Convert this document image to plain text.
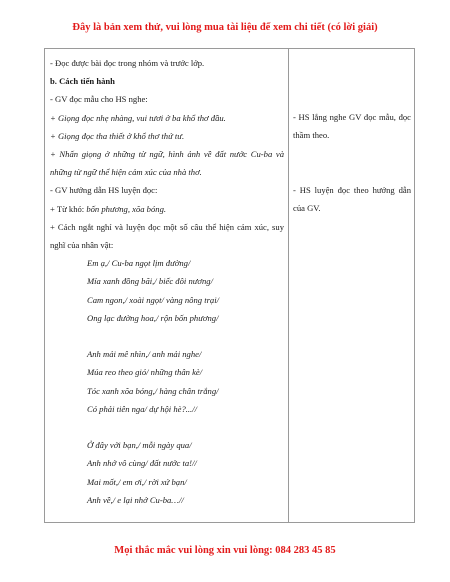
Đây là bản xem thử, vui lòng mua tài liệu để xem chi tiết (có lời giải)
- Đọc được bài đọc trong nhóm và trước lớp.
b. Cách tiến hành
- GV đọc mẫu cho HS nghe:
+ Giọng đọc nhẹ nhàng, vui tươi ở ba khổ thơ đầu.
+ Giọng đọc tha thiết ở khổ thơ thứ tư.
+ Nhấn giọng ở những từ ngữ, hình ảnh về đất nước Cu-ba và những từ ngữ thể hiện cảm xúc của nhà thơ.
- GV hướng dẫn HS luyện đọc:
+ Từ khó: bốn phương, xõa bóng.
+ Cách ngắt nghỉ và luyện đọc một số câu thể hiện cảm xúc, suy nghĩ của nhân vật:
Em ạ,/ Cu-ba ngọt lịm đường/
Mía xanh đồng bãi,/ biếc đôi nương/
Cam ngon,/ xoài ngọt/ vàng nông trại/
Ong lạc đường hoa,/ rộn bốn phương/
Anh mải mê nhìn,/ anh mải nghe/
Múa reo theo gió/ những thân kè/
Tóc xanh xõa bóng,/ hàng chân trắng/
Có phải tiên nga/ dự hội hè?...//
Ở đây với bạn,/ mỗi ngày qua/
Anh nhớ vô cùng/ đất nước ta!//
Mai mốt,/ em ơi,/ rời xứ bạn/
Anh về,/ e lại nhớ Cu-ba…//
- HS lắng nghe GV đọc mẫu, đọc thầm theo.
- HS luyện đọc theo hướng dẫn của GV.
Mọi thắc mắc vui lòng xin vui lòng: 084 283 45 85
